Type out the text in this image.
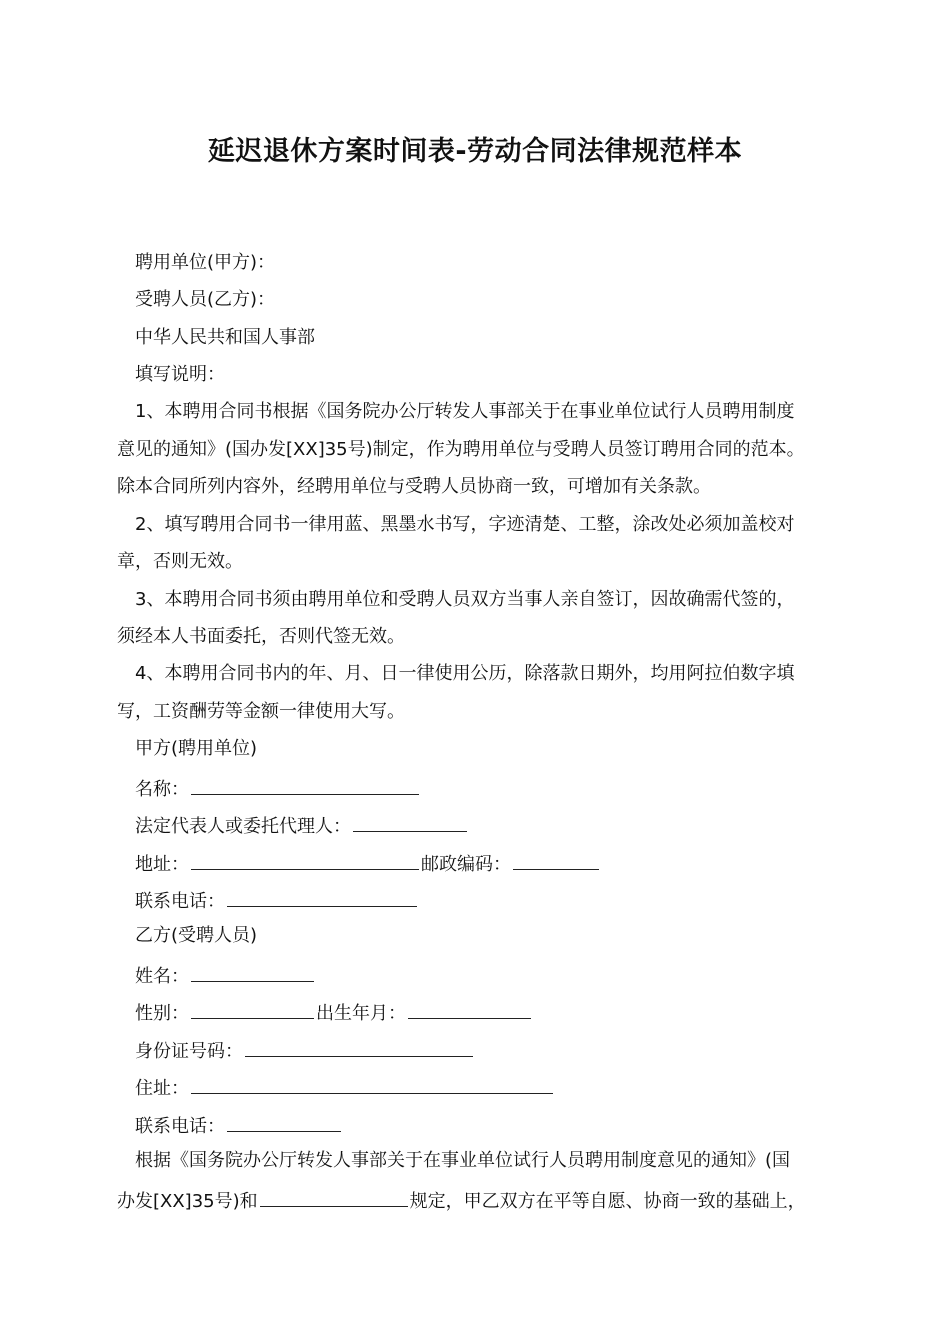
延迟退休方案时间表-劳动合同法律规范样本
聘用单位(甲方)：
受聘人员(乙方)：
中华人民共和国人事部
填写说明：
1、本聘用合同书根据《国务院办公厅转发人事部关于在事业单位试行人员聘用制度
意见的通知》(国办发[XX]35号)制定，作为聘用单位与受聘人员签订聘用合同的范本。
除本合同所列内容外，经聘用单位与受聘人员协商一致，可增加有关条款。
2、填写聘用合同书一律用蓝、黑墨水书写，字迹清楚、工整，涂改处必须加盖校对
章，否则无效。
3、本聘用合同书须由聘用单位和受聘人员双方当事人亲自签订，因故确需代签的，
须经本人书面委托，否则代签无效。
4、本聘用合同书内的年、月、日一律使用公历，除落款日期外，均用阿拉伯数字填
写，工资酬劳等金额一律使用大写。
甲方(聘用单位)
名称：
法定代表人或委托代理人：
地址：	邮政编码：
联系电话：
乙方(受聘人员)
姓名：
性别：	出生年月：
身份证号码：
住址：
联系电话：
根据《国务院办公厅转发人事部关于在事业单位试行人员聘用制度意见的通知》(国
办发[XX]35号)和	规定，甲乙双方在平等自愿、协商一致的基础上，
